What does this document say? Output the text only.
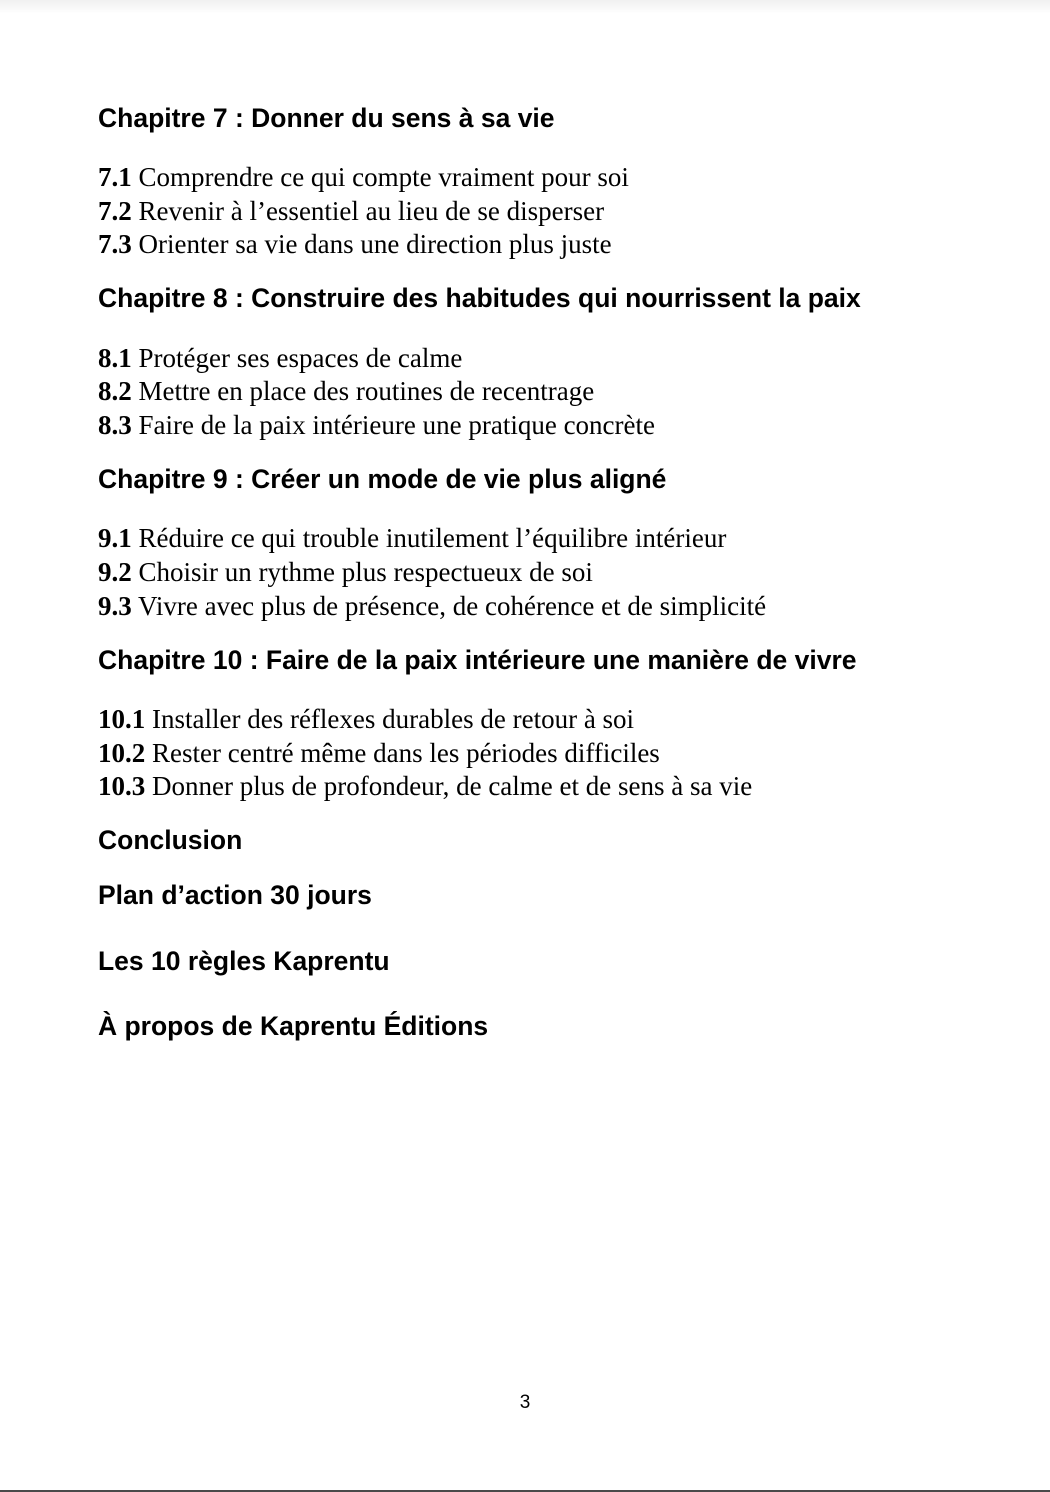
Chapitre 7 : Donner du sens à sa vie
7.1 Comprendre ce qui compte vraiment pour soi
7.2 Revenir à l’essentiel au lieu de se disperser
7.3 Orienter sa vie dans une direction plus juste
Chapitre 8 : Construire des habitudes qui nourrissent la paix
8.1 Protéger ses espaces de calme
8.2 Mettre en place des routines de recentrage
8.3 Faire de la paix intérieure une pratique concrète
Chapitre 9 : Créer un mode de vie plus aligné
9.1 Réduire ce qui trouble inutilement l’équilibre intérieur
9.2 Choisir un rythme plus respectueux de soi
9.3 Vivre avec plus de présence, de cohérence et de simplicité
Chapitre 10 : Faire de la paix intérieure une manière de vivre
10.1 Installer des réflexes durables de retour à soi
10.2 Rester centré même dans les périodes difficiles
10.3 Donner plus de profondeur, de calme et de sens à sa vie
Conclusion
Plan d’action 30 jours
Les 10 règles Kaprentu
À propos de Kaprentu Éditions
3
